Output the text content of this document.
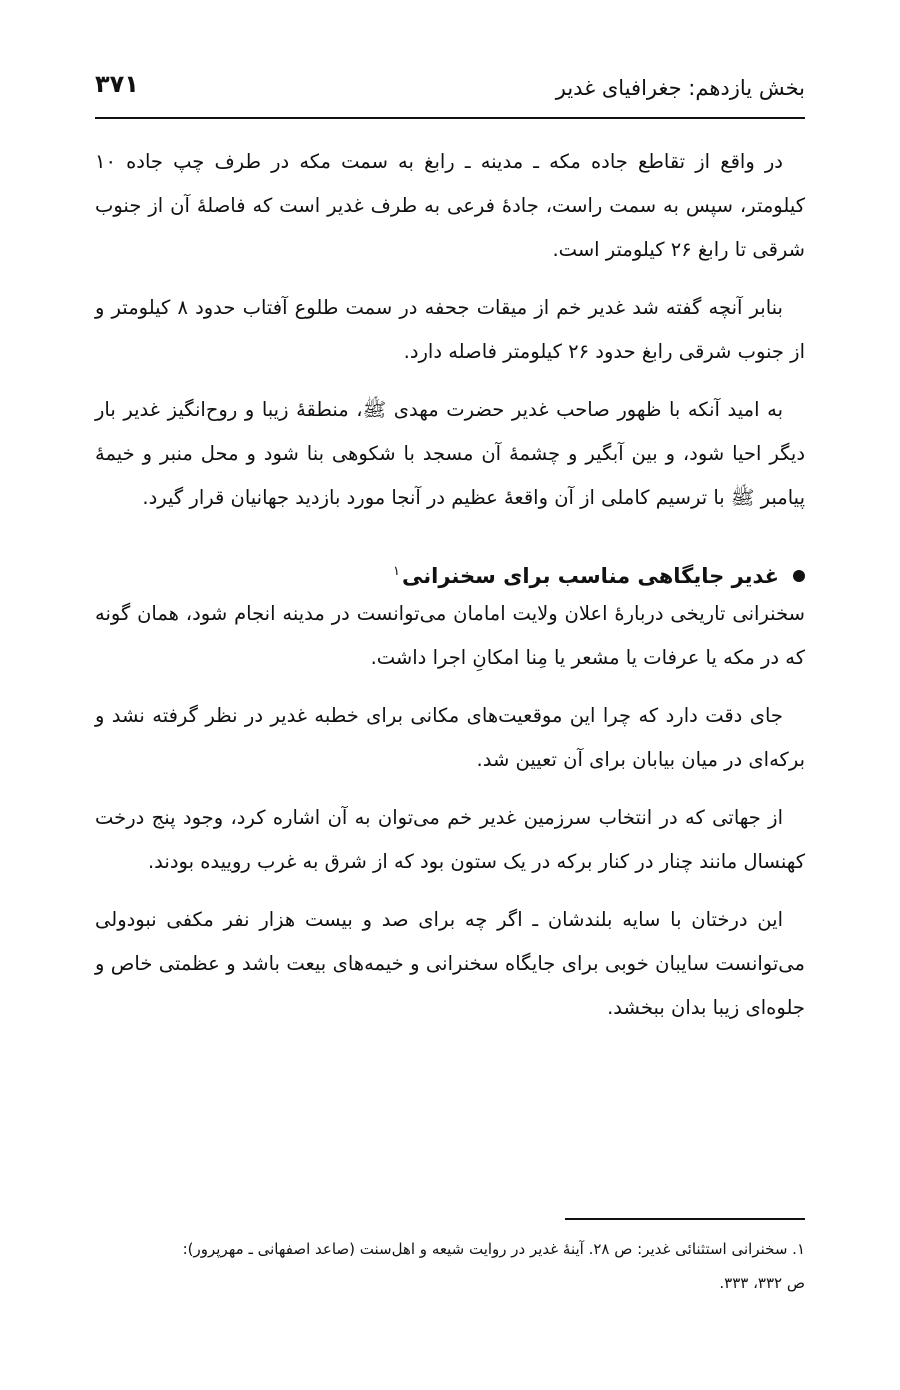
بخش یازدهم: جغرافیای غدیر
۳۷۱

در واقع از تقاطع جاده مکه ـ مدینه ـ رابغ به سمت مکه در طرف چپ جاده ۱۰ کیلومتر، سپس به سمت راست، جادۀ فرعی به طرف غدیر است که فاصلۀ آن از جنوب شرقی تا رابغ ۲۶ کیلومتر است.

بنابر آنچه گفته شد غدیر خم از میقات جحفه در سمت طلوع آفتاب حدود ۸ کیلومتر و از جنوب شرقی رابغ حدود ۲۶ کیلومتر فاصله دارد.

به امید آنکه با ظهور صاحب غدیر حضرت مهدی ﷺ، منطقۀ زیبا و روح‌انگیز غدیر بار دیگر احیا شود، و بین آبگیر و چشمۀ آن مسجد با شکوهی بنا شود و محل منبر و خیمۀ پیامبر ﷺ با ترسیم کاملی از آن واقعۀ عظیم در آنجا مورد بازدید جهانیان قرار گیرد.

غدیر جایگاهی مناسب برای سخنرانی$^۱$

سخنرانی تاریخی دربارۀ اعلان ولایت امامان می‌توانست در مدینه انجام شود، همان گونه که در مکه یا عرفات یا مشعر یا مِنا امکانِ اجرا داشت.

جای دقت دارد که چرا این موقعیت‌های مکانی برای خطبه غدیر در نظر گرفته نشد و برکه‌ای در میان بیابان برای آن تعیین شد.

از جهاتی که در انتخاب سرزمین غدیر خم می‌توان به آن اشاره کرد، وجود پنج درخت کهنسال مانند چنار در کنار برکه در یک ستون بود که از شرق به غرب روییده بودند.

این درختان با سایه بلندشان ـ اگر چه برای صد و بیست هزار نفر مکفی نبودولی می‌توانست سایبان خوبی برای جایگاه سخنرانی و خیمه‌های بیعت باشد و عظمتی خاص و جلوه‌ای زیبا بدان ببخشد.

۱. سخنرانی استثنائی غدیر: ص ۲۸. آینۀ غدیر در روایت شیعه و اهل‌سنت (صاعد اصفهانی ـ مهرپرور):
ص ۳۳۲، ۳۳۳.
